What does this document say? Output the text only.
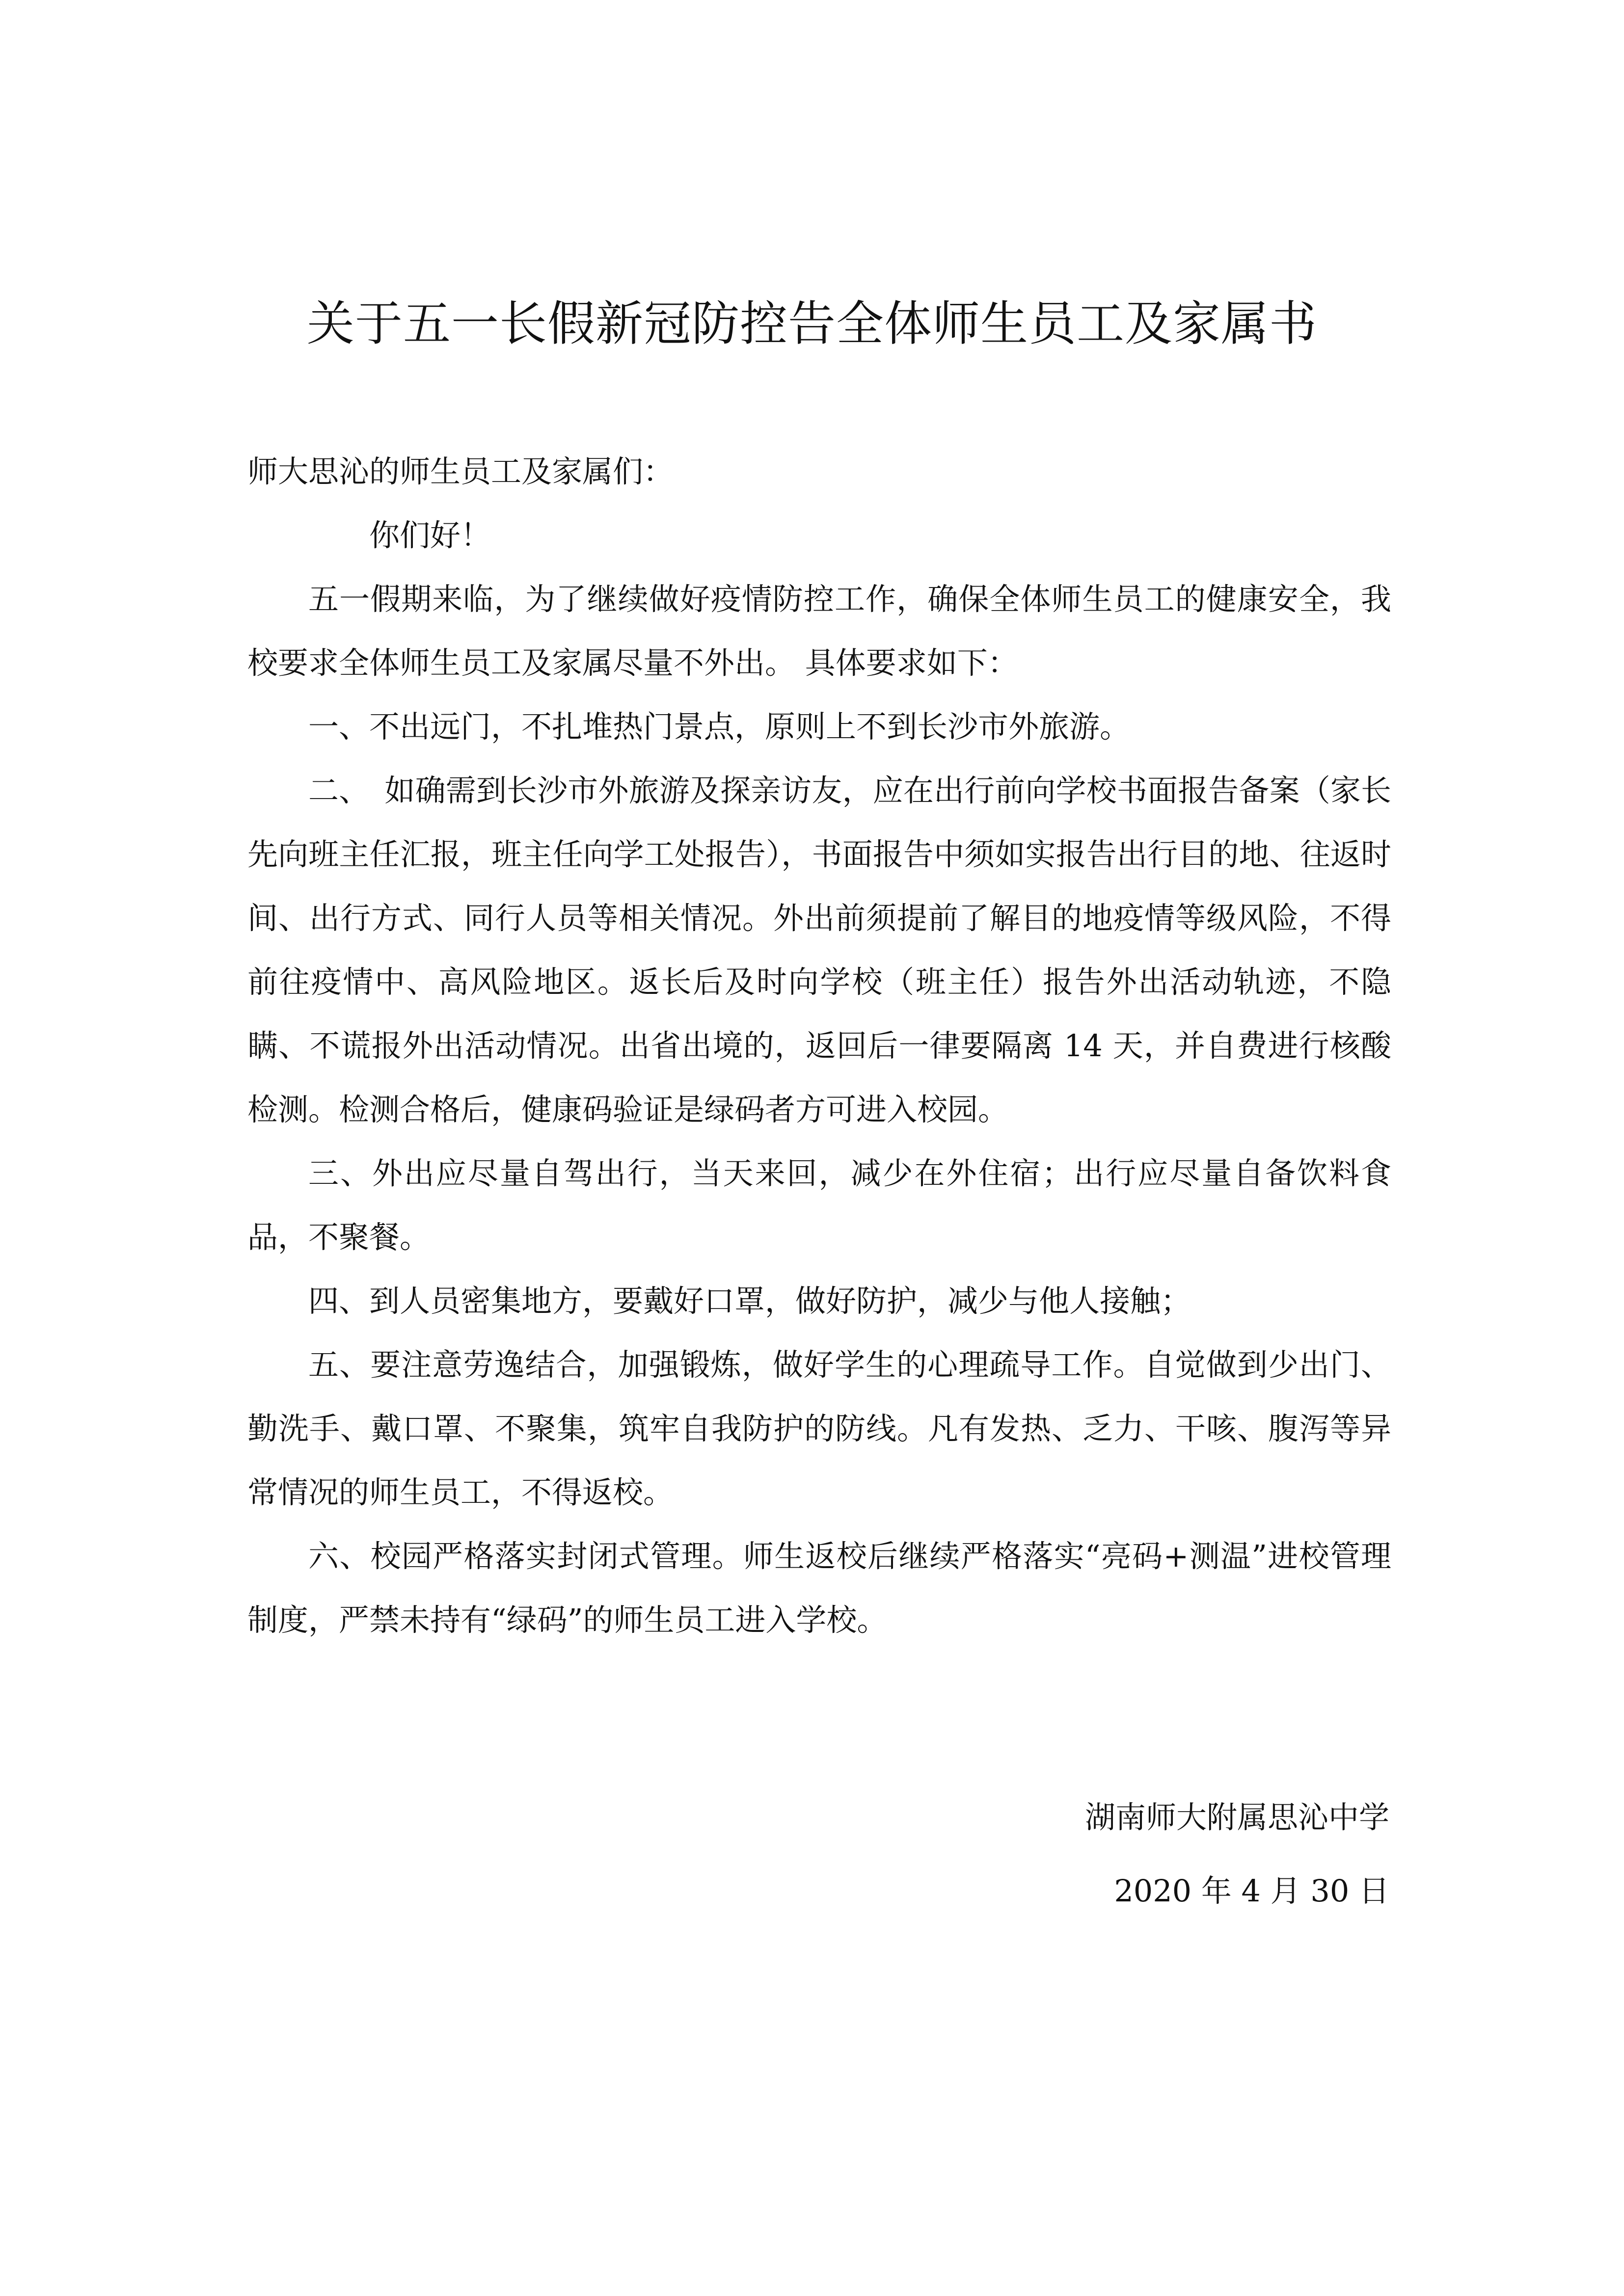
关于五一长假新冠防控告全体师生员工及家属书

师大思沁的师生员工及家属们：

你们好！

五一假期来临，为了继续做好疫情防控工作，确保全体师生员工的健康安全，我校要求全体师生员工及家属尽量不外出。 具体要求如下：

一、不出远门，不扎堆热门景点，原则上不到长沙市外旅游。

二、　如确需到长沙市外旅游及探亲访友，应在出行前向学校书面报告备案（家长先向班主任汇报，班主任向学工处报告），书面报告中须如实报告出行目的地、往返时间、出行方式、同行人员等相关情况。外出前须提前了解目的地疫情等级风险，不得前往疫情中、高风险地区。返长后及时向学校（班主任）报告外出活动轨迹，不隐瞒、不谎报外出活动情况。出省出境的，返回后一律要隔离 14 天，并自费进行核酸检测。检测合格后，健康码验证是绿码者方可进入校园。

三、外出应尽量自驾出行，当天来回，减少在外住宿；出行应尽量自备饮料食品，不聚餐。

四、到人员密集地方，要戴好口罩，做好防护，减少与他人接触；

五、要注意劳逸结合，加强锻炼，做好学生的心理疏导工作。自觉做到少出门、勤洗手、戴口罩、不聚集，筑牢自我防护的防线。凡有发热、乏力、干咳、腹泻等异常情况的师生员工，不得返校。

六、校园严格落实封闭式管理。师生返校后继续严格落实“亮码+测温”进校管理制度，严禁未持有“绿码”的师生员工进入学校。

湖南师大附属思沁中学
2020 年 4 月 30 日
